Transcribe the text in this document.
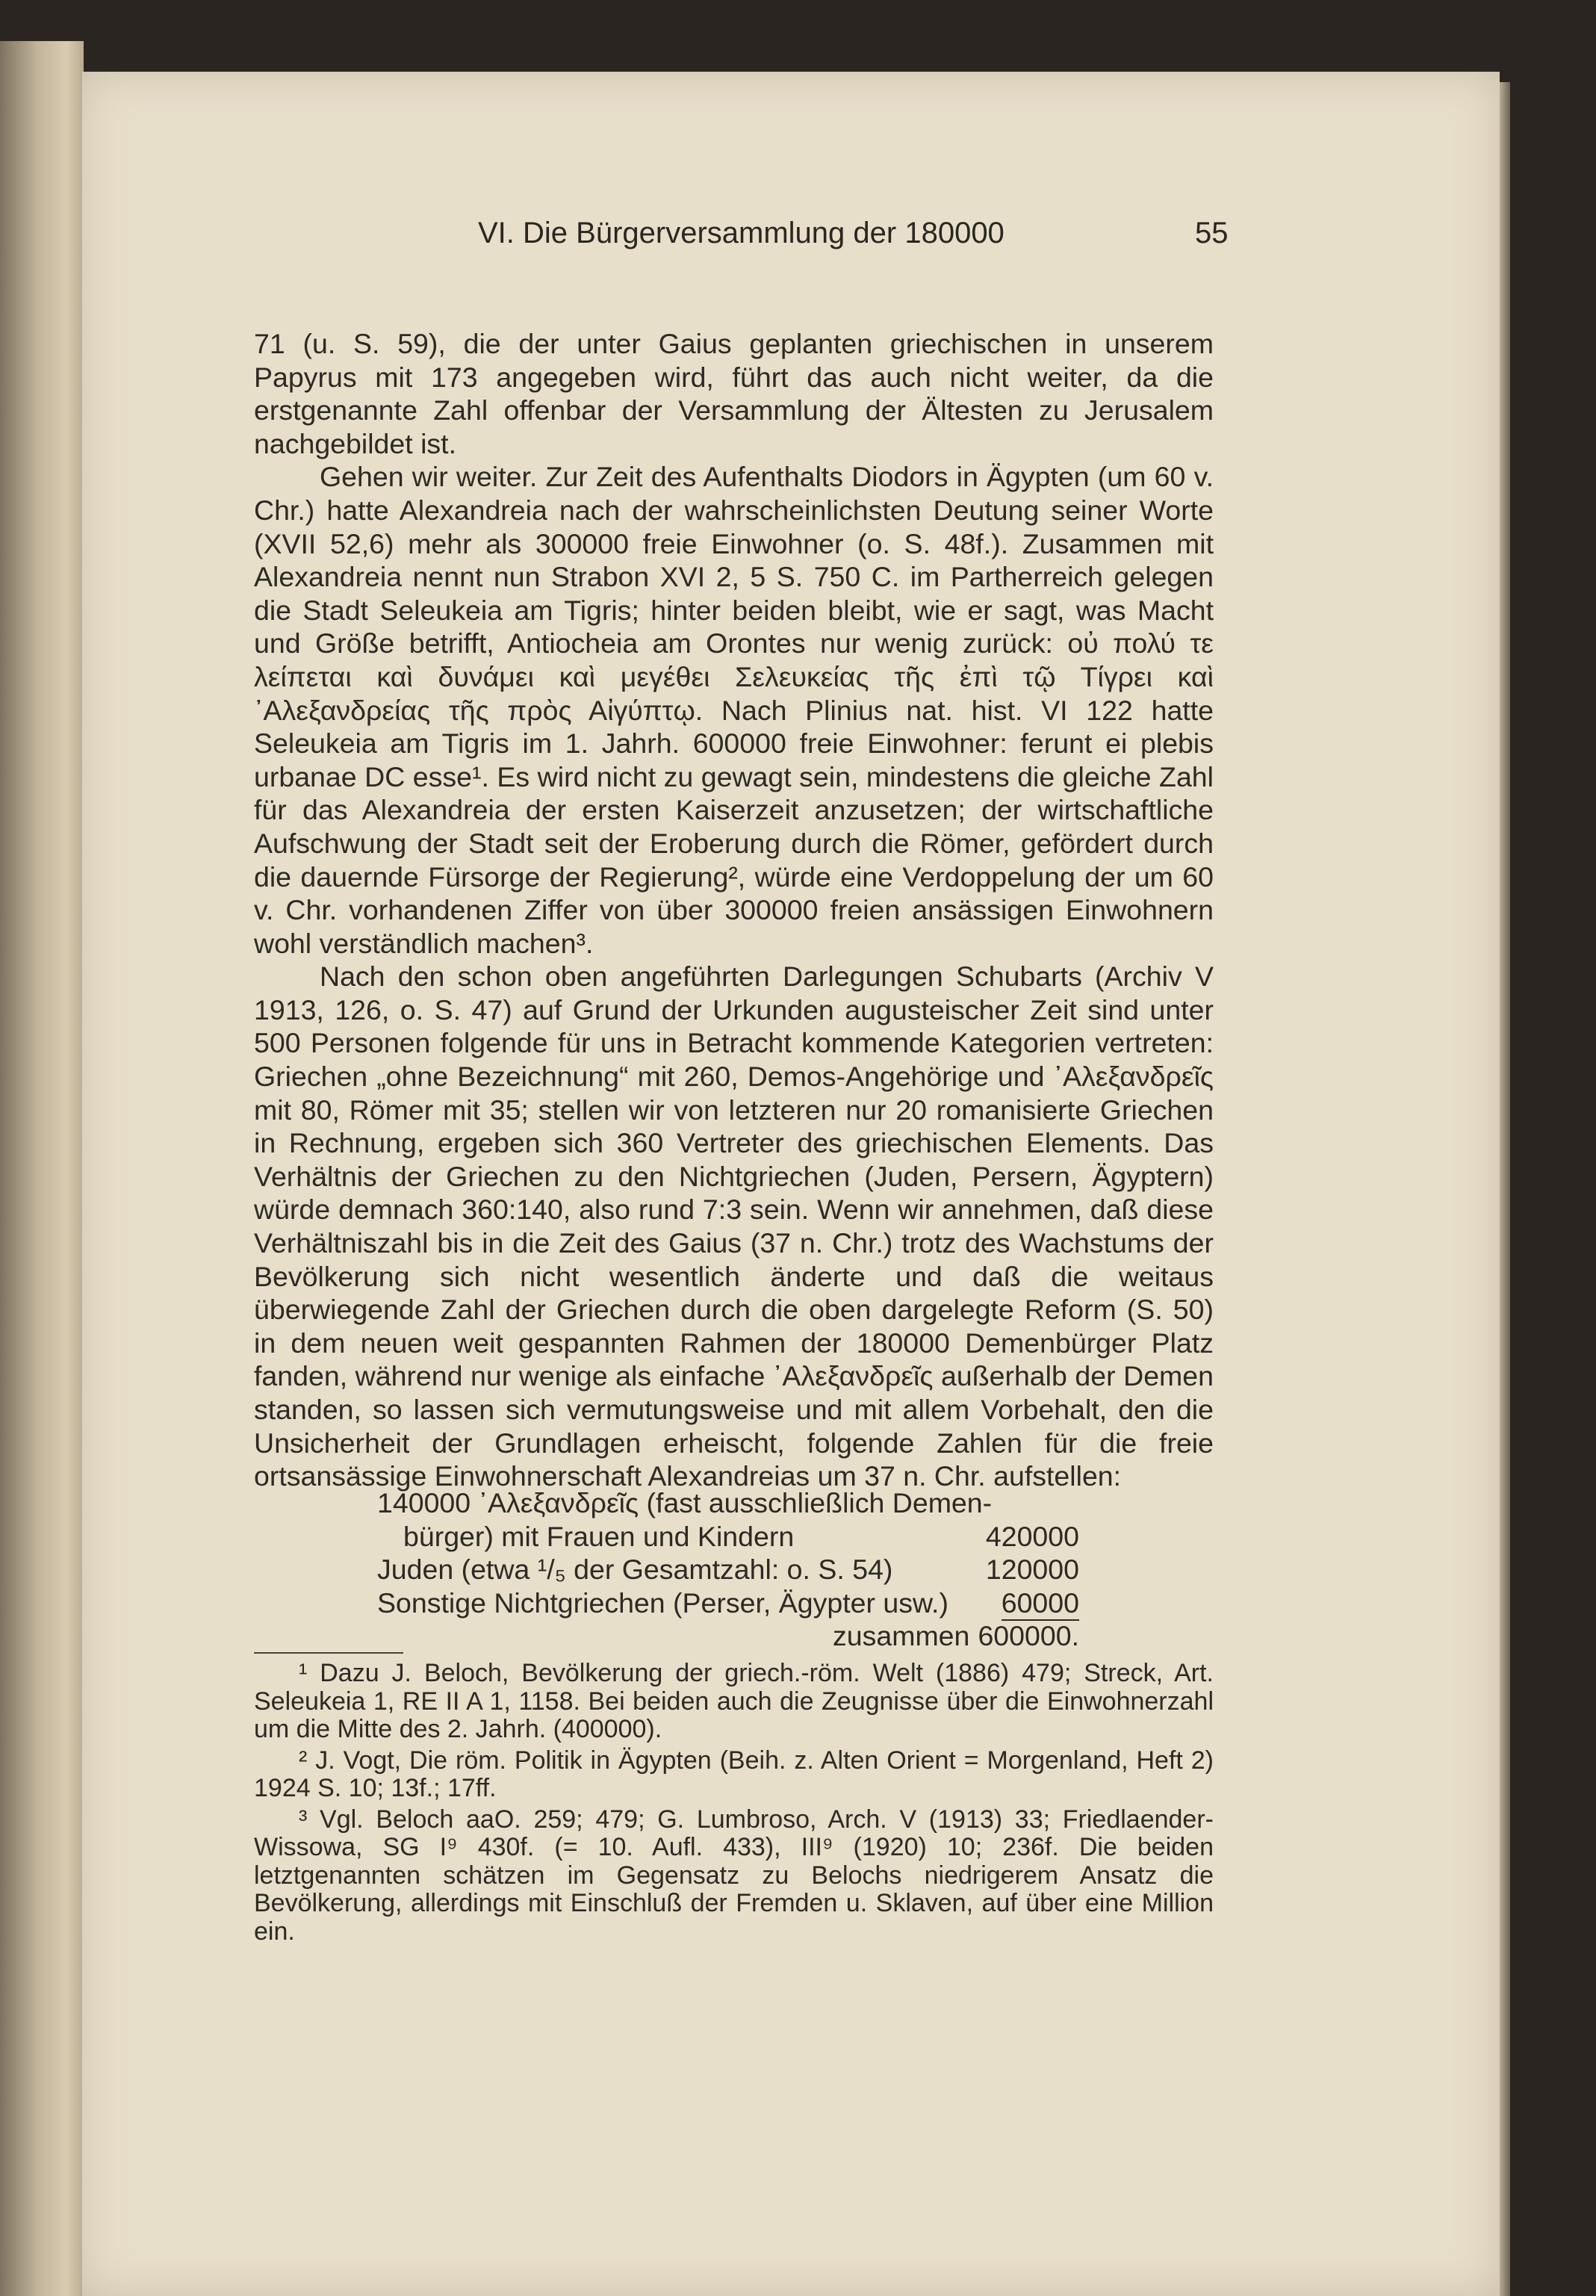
VI. Die Bürgerversammlung der 180000	55

71 (u. S. 59), die der unter Gaius geplanten griechischen in unserem Papyrus mit 173 angegeben wird, führt das auch nicht weiter, da die erstgenannte Zahl offenbar der Versammlung der Ältesten zu Jerusalem nachgebildet ist.

Gehen wir weiter. Zur Zeit des Aufenthalts Diodors in Ägypten (um 60 v. Chr.) hatte Alexandreia nach der wahrscheinlichsten Deutung seiner Worte (XVII 52,6) mehr als 300000 freie Einwohner (o. S. 48f.). Zusammen mit Alexandreia nennt nun Strabon XVI 2, 5 S. 750 C. im Partherreich gelegen die Stadt Seleukeia am Tigris; hinter beiden bleibt, wie er sagt, was Macht und Größe betrifft, Antiocheia am Orontes nur wenig zurück: οὐ πολύ τε λείπεται καὶ δυνάμει καὶ μεγέθει Σελευκείας τῆς ἐπὶ τῷ Τίγρει καὶ ᾿Αλεξανδρείας τῆς πρὸς Αἰγύπτῳ. Nach Plinius nat. hist. VI 122 hatte Seleukeia am Tigris im 1. Jahrh. 600000 freie Einwohner: ferunt ei plebis urbanae DC esse¹. Es wird nicht zu gewagt sein, mindestens die gleiche Zahl für das Alexandreia der ersten Kaiserzeit anzusetzen; der wirtschaftliche Aufschwung der Stadt seit der Eroberung durch die Römer, gefördert durch die dauernde Fürsorge der Regierung², würde eine Verdoppelung der um 60 v. Chr. vorhandenen Ziffer von über 300000 freien ansässigen Einwohnern wohl verständlich machen³.

Nach den schon oben angeführten Darlegungen Schubarts (Archiv V 1913, 126, o. S. 47) auf Grund der Urkunden augusteischer Zeit sind unter 500 Personen folgende für uns in Betracht kommende Kategorien vertreten: Griechen „ohne Bezeichnung“ mit 260, Demos-Angehörige und ᾿Αλεξανδρεῖς mit 80, Römer mit 35; stellen wir von letzteren nur 20 romanisierte Griechen in Rechnung, ergeben sich 360 Vertreter des griechischen Elements. Das Verhältnis der Griechen zu den Nichtgriechen (Juden, Persern, Ägyptern) würde demnach 360:140, also rund 7:3 sein. Wenn wir annehmen, daß diese Verhältniszahl bis in die Zeit des Gaius (37 n. Chr.) trotz des Wachstums der Bevölkerung sich nicht wesentlich änderte und daß die weitaus überwiegende Zahl der Griechen durch die oben dargelegte Reform (S. 50) in dem neuen weit gespannten Rahmen der 180000 Demenbürger Platz fanden, während nur wenige als einfache ᾿Αλεξανδρεῖς außerhalb der Demen standen, so lassen sich vermutungsweise und mit allem Vorbehalt, den die Unsicherheit der Grundlagen erheischt, folgende Zahlen für die freie ortsansässige Einwohnerschaft Alexandreias um 37 n. Chr. aufstellen:

140000 ᾿Αλεξανδρεῖς (fast ausschließlich Demen-
bürger) mit Frauen und Kindern	420000
Juden (etwa ¹/₅ der Gesamtzahl: o. S. 54)	120000
Sonstige Nichtgriechen (Perser, Ägypter usw.) 60000
zusammen 600000.

¹ Dazu J. Beloch, Bevölkerung der griech.-röm. Welt (1886) 479; Streck, Art. Seleukeia 1, RE II A 1, 1158. Bei beiden auch die Zeugnisse über die Einwohnerzahl um die Mitte des 2. Jahrh. (400000).

² J. Vogt, Die röm. Politik in Ägypten (Beih. z. Alten Orient = Morgenland, Heft 2) 1924 S. 10; 13f.; 17ff.

³ Vgl. Beloch aaO. 259; 479; G. Lumbroso, Arch. V (1913) 33; Friedlaender-Wissowa, SG I⁹ 430f. (= 10. Aufl. 433), III⁹ (1920) 10; 236f. Die beiden letztgenannten schätzen im Gegensatz zu Belochs niedrigerem Ansatz die Bevölkerung, allerdings mit Einschluß der Fremden u. Sklaven, auf über eine Million ein.
